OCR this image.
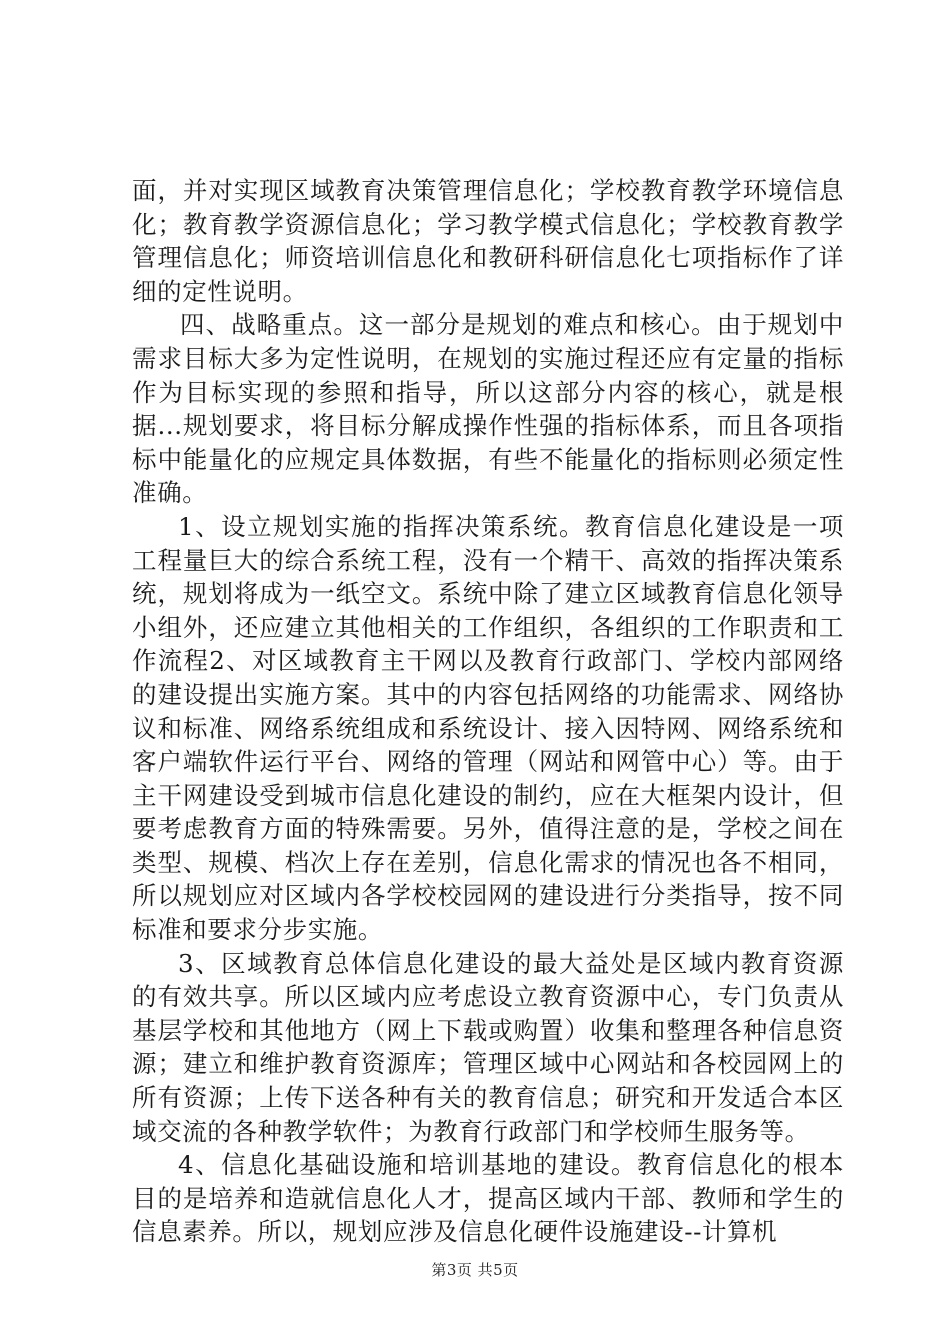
面，并对实现区域教育决策管理信息化；学校教育教学环境信息化；教育教学资源信息化；学习教学模式信息化；学校教育教学管理信息化；师资培训信息化和教研科研信息化七项指标作了详细的定性说明。

四、战略重点。这一部分是规划的难点和核心。由于规划中需求目标大多为定性说明，在规划的实施过程还应有定量的指标作为目标实现的参照和指导，所以这部分内容的核心，就是根据...规划要求，将目标分解成操作性强的指标体系，而且各项指标中能量化的应规定具体数据，有些不能量化的指标则必须定性准确。

1、设立规划实施的指挥决策系统。教育信息化建设是一项工程量巨大的综合系统工程，没有一个精干、高效的指挥决策系统，规划将成为一纸空文。系统中除了建立区域教育信息化领导小组外，还应建立其他相关的工作组织，各组织的工作职责和工作流程2、对区域教育主干网以及教育行政部门、学校内部网络的建设提出实施方案。其中的内容包括网络的功能需求、网络协议和标准、网络系统组成和系统设计、接入因特网、网络系统和客户端软件运行平台、网络的管理（网站和网管中心）等。由于主干网建设受到城市信息化建设的制约，应在大框架内设计，但要考虑教育方面的特殊需要。另外，值得注意的是，学校之间在类型、规模、档次上存在差别，信息化需求的情况也各不相同，所以规划应对区域内各学校校园网的建设进行分类指导，按不同标准和要求分步实施。

3、区域教育总体信息化建设的最大益处是区域内教育资源的有效共享。所以区域内应考虑设立教育资源中心，专门负责从基层学校和其他地方（网上下载或购置）收集和整理各种信息资源；建立和维护教育资源库；管理区域中心网站和各校园网上的所有资源；上传下送各种有关的教育信息；研究和开发适合本区域交流的各种教学软件；为教育行政部门和学校师生服务等。

4、信息化基础设施和培训基地的建设。教育信息化的根本目的是培养和造就信息化人才，提高区域内干部、教师和学生的信息素养。所以，规划应涉及信息化硬件设施建设--计算机

第3页 共5页
